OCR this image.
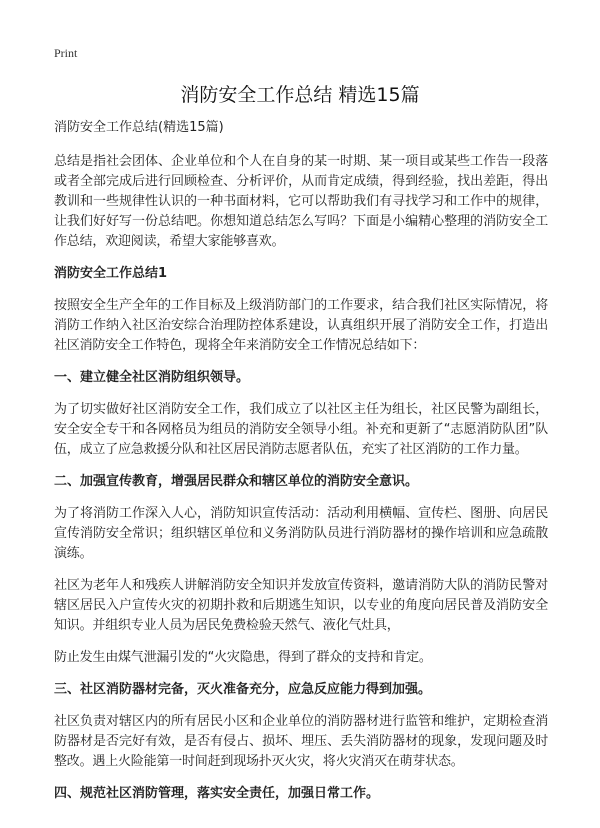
Print
消防安全工作总结 精选15篇

消防安全工作总结(精选15篇)

总结是指社会团体、企业单位和个人在自身的某一时期、某一项目或某些工作告一段落或者全部完成后进行回顾检查、分析评价，从而肯定成绩，得到经验，找出差距，得出教训和一些规律性认识的一种书面材料，它可以帮助我们有寻找学习和工作中的规律，让我们好好写一份总结吧。你想知道总结怎么写吗？下面是小编精心整理的消防安全工作总结，欢迎阅读，希望大家能够喜欢。

消防安全工作总结1

按照安全生产全年的工作目标及上级消防部门的工作要求，结合我们社区实际情况，将消防工作纳入社区治安综合治理防控体系建设，认真组织开展了消防安全工作，打造出社区消防安全工作特色，现将全年来消防安全工作情况总结如下：

一、建立健全社区消防组织领导。

为了切实做好社区消防安全工作，我们成立了以社区主任为组长，社区民警为副组长，安全安全专干和各网格员为组员的消防安全领导小组。补充和更新了“志愿消防队团”队伍，成立了应急救援分队和社区居民消防志愿者队伍，充实了社区消防的工作力量。

二、加强宣传教育，增强居民群众和辖区单位的消防安全意识。

为了将消防工作深入人心，消防知识宣传活动：活动利用横幅、宣传栏、图册、向居民宣传消防安全常识；组织辖区单位和义务消防队员进行消防器材的操作培训和应急疏散演练。

社区为老年人和残疾人讲解消防安全知识并发放宣传资料，邀请消防大队的消防民警对辖区居民入户宣传火灾的初期扑救和后期逃生知识，以专业的角度向居民普及消防安全知识。并组织专业人员为居民免费检验天然气、液化气灶具，

防止发生由煤气泄漏引发的“火灾隐患，得到了群众的支持和肯定。

三、社区消防器材完备，灭火准备充分，应急反应能力得到加强。

社区负责对辖区内的所有居民小区和企业单位的消防器材进行监管和维护，定期检查消防器材是否完好有效，是否有侵占、损坏、埋压、丢失消防器材的现象，发现问题及时整改。遇上火险能第一时间赶到现场扑灭火灾，将火灾消灭在萌芽状态。

四、规范社区消防管理，落实安全责任，加强日常工作。
